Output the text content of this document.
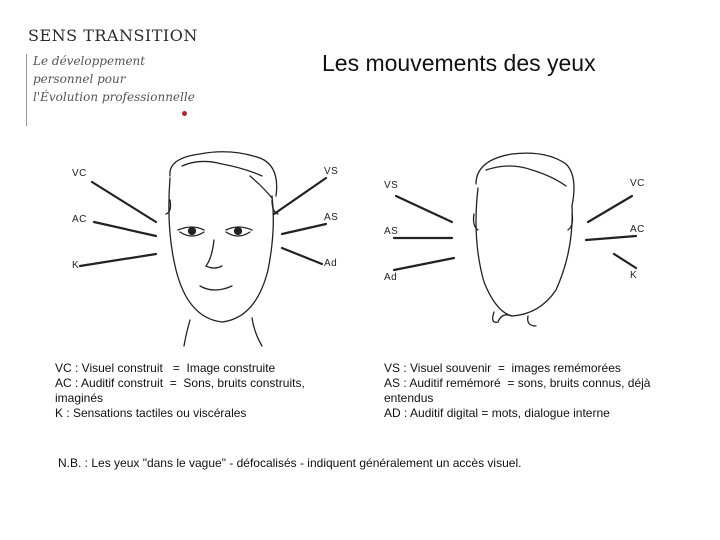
SENS TRANSITION
Le développement
personnel pour
l'Évolution professionnelle
Les mouvements des yeux
VC
AC
K
VS
AS
Ad
VS
AS
Ad
VC
AC
K
VC : Visuel construit   =  Image construite
AC : Auditif construit  =  Sons, bruits construits,
imaginés
K : Sensations tactiles ou viscérales
VS : Visuel souvenir  =  images remémorées
AS : Auditif remémoré  = sons, bruits connus, déjà
entendus
AD : Auditif digital = mots, dialogue interne
N.B. : Les yeux "dans le vague" - défocalisés - indiquent généralement un accès visuel.
